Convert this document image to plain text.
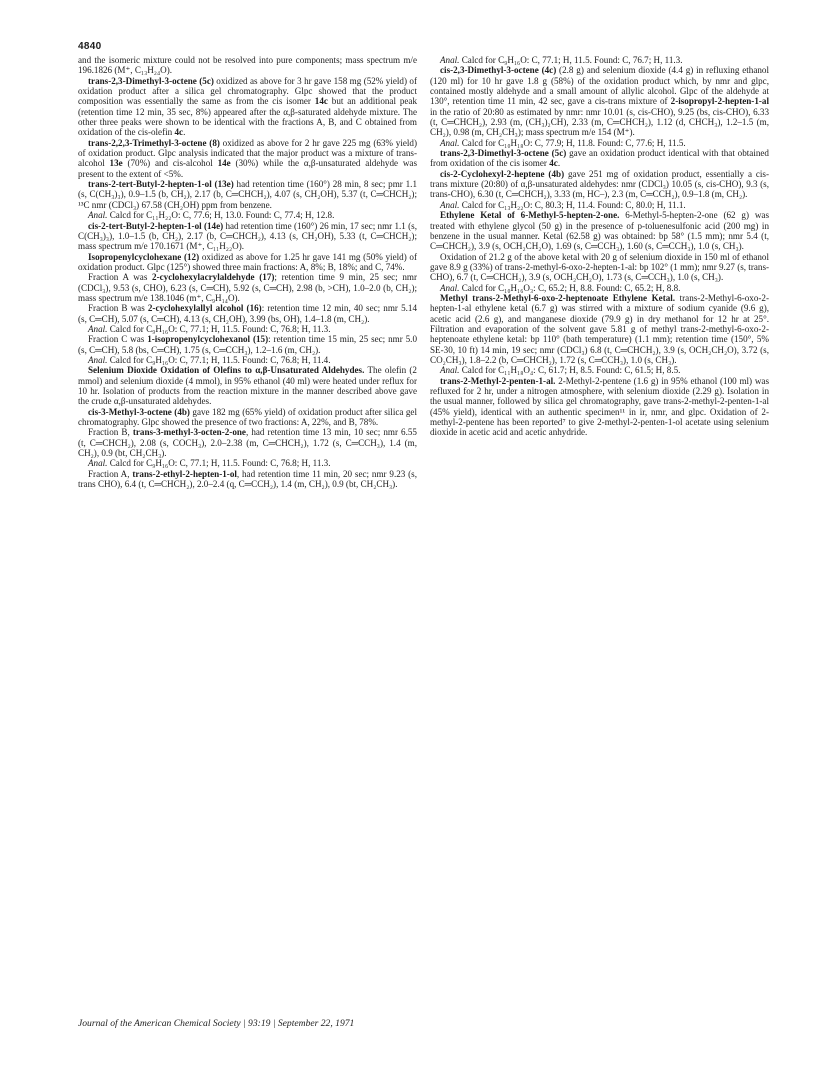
4840

and the isomeric mixture could not be resolved into pure components; mass spectrum m/e 196.1826 (M⁺, C₁₃H₂₄O).

trans-2,3-Dimethyl-3-octene (5c) oxidized as above for 3 hr gave 158 mg (52% yield) of oxidation product after a silica gel chromatography. Glpc showed that the product composition was essentially the same as from the cis isomer 14c but an additional peak (retention time 12 min, 35 sec, 8%) appeared after the α,β-saturated aldehyde mixture. The other three peaks were shown to be identical with the fractions A, B, and C obtained from oxidation of the cis-olefin 4c.

trans-2,2,3-Trimethyl-3-octene (8) oxidized as above for 2 hr gave 225 mg (63% yield) of oxidation product. Glpc analysis indicated that the major product was a mixture of trans-alcohol 13e (70%) and cis-alcohol 14e (30%) while the α,β-unsaturated aldehyde was present to the extent of <5%.

trans-2-tert-Butyl-2-hepten-1-ol (13e) had retention time (160°) 28 min, 8 sec; pmr 1.1 (s, C(CH₃)₃), 0.9–1.5 (b, CH₂), 2.17 (b, C═CHCH₂), 4.07 (s, CH₂OH), 5.37 (t, C═CHCH₂); ¹³C nmr (CDCl₃) 67.58 (CH₂OH) ppm from benzene.

Anal. Calcd for C₁₁H₂₂O: C, 77.6; H, 13.0. Found: C, 77.4; H, 12.8.

cis-2-tert-Butyl-2-hepten-1-ol (14e) had retention time (160°) 26 min, 17 sec; nmr 1.1 (s, C(CH₃)₃), 1.0–1.5 (b, CH₂), 2.17 (b, C═CHCH₂), 4.13 (s, CH₂OH), 5.33 (t, C═CHCH₂); mass spectrum m/e 170.1671 (M⁺, C₁₁H₂₂O).

Isopropenylcyclohexane (12) oxidized as above for 1.25 hr gave 141 mg (50% yield) of oxidation product. Glpc (125°) showed three main fractions: A, 8%; B, 18%; and C, 74%.

Fraction A was 2-cyclohexylacrylaldehyde (17); retention time 9 min, 25 sec; nmr (CDCl₃), 9.53 (s, CHO), 6.23 (s, C═CH), 5.92 (s, C═CH), 2.98 (b, >CH), 1.0–2.0 (b, CH₂); mass spectrum m/e 138.1046 (m⁺, C₉H₁₄O).

Fraction B was 2-cyclohexylallyl alcohol (16): retention time 12 min, 40 sec; nmr 5.14 (s, C═CH), 5.07 (s, C═CH), 4.13 (s, CH₂OH), 3.99 (bs, OH), 1.4–1.8 (m, CH₂).

Anal. Calcd for C₉H₁₆O: C, 77.1; H, 11.5. Found: C, 76.8; H, 11.3.

Fraction C was 1-isopropenylcyclohexanol (15): retention time 15 min, 25 sec; nmr 5.0 (s, C═CH), 5.8 (bs, C═CH), 1.75 (s, C═CCH₃), 1.2–1.6 (m, CH₂).

Anal. Calcd for C₉H₁₆O: C, 77.1; H, 11.5. Found: C, 76.8; H, 11.4.

Selenium Dioxide Oxidation of Olefins to α,β-Unsaturated Aldehydes. The olefin (2 mmol) and selenium dioxide (4 mmol), in 95% ethanol (40 ml) were heated under reflux for 10 hr. Isolation of products from the reaction mixture in the manner described above gave the crude α,β-unsaturated aldehydes.

cis-3-Methyl-3-octene (4b) gave 182 mg (65% yield) of oxidation product after silica gel chromatography. Glpc showed the presence of two fractions: A, 22%, and B, 78%.

Fraction B, trans-3-methyl-3-octen-2-one, had retention time 13 min, 10 sec; nmr 6.55 (t, C═CHCH₂), 2.08 (s, COCH₃), 2.0–2.38 (m, C═CHCH₂), 1.72 (s, C═CCH₃), 1.4 (m, CH₂), 0.9 (bt, CH₂CH₃).

Anal. Calcd for C₉H₁₆O: C, 77.1; H, 11.5. Found: C, 76.8; H, 11.3.

Fraction A, trans-2-ethyl-2-hepten-1-ol, had retention time 11 min, 20 sec; nmr 9.23 (s, trans CHO), 6.4 (t, C═CHCH₂), 2.0–2.4 (q, C═CCH₂), 1.4 (m, CH₂), 0.9 (bt, CH₂CH₃).

Anal. Calcd for C₉H₁₆O: C, 77.1; H, 11.5. Found: C, 76.7; H, 11.3.

cis-2,3-Dimethyl-3-octene (4c) (2.8 g) and selenium dioxide (4.4 g) in refluxing ethanol (120 ml) for 10 hr gave 1.8 g (58%) of the oxidation product which, by nmr and glpc, contained mostly aldehyde and a small amount of allylic alcohol. Glpc of the aldehyde at 130°, retention time 11 min, 42 sec, gave a cis-trans mixture of 2-isopropyl-2-hepten-1-al in the ratio of 20:80 as estimated by nmr: nmr 10.01 (s, cis-CHO), 9.25 (bs, cis-CHO), 6.33 (t, C═CHCH₂), 2.93 (m, (CH₃)₂CH), 2.33 (m, C═CHCH₂), 1.12 (d, CHCH₃), 1.2–1.5 (m, CH₂), 0.98 (m, CH₂CH₃); mass spectrum m/e 154 (M⁺).

Anal. Calcd for C₁₀H₁₈O: C, 77.9; H, 11.8. Found: C, 77.6; H, 11.5.

trans-2,3-Dimethyl-3-octene (5c) gave an oxidation product identical with that obtained from oxidation of the cis isomer 4c.

cis-2-Cyclohexyl-2-heptene (4b) gave 251 mg of oxidation product, essentially a cis-trans mixture (20:80) of α,β-unsaturated aldehydes: nmr (CDCl₃) 10.05 (s, cis-CHO), 9.3 (s, trans-CHO), 6.30 (t, C═CHCH₂), 3.33 (m, HC–), 2.3 (m, C═CCH₂), 0.9–1.8 (m, CH₂).

Anal. Calcd for C₁₃H₂₂O: C, 80.3; H, 11.4. Found: C, 80.0; H, 11.1.

Ethylene Ketal of 6-Methyl-5-hepten-2-one. 6-Methyl-5-hepten-2-one (62 g) was treated with ethylene glycol (50 g) in the presence of p-toluenesulfonic acid (200 mg) in benzene in the usual manner. Ketal (62.58 g) was obtained: bp 58° (1.5 mm); nmr 5.4 (t, C═CHCH₂), 3.9 (s, OCH₂CH₂O), 1.69 (s, C═CCH₃), 1.60 (s, C═CCH₃), 1.0 (s, CH₃).

Oxidation of 21.2 g of the above ketal with 20 g of selenium dioxide in 150 ml of ethanol gave 8.9 g (33%) of trans-2-methyl-6-oxo-2-hepten-1-al: bp 102° (1 mm); nmr 9.27 (s, trans-CHO), 6.7 (t, C═CHCH₂), 3.9 (s, OCH₂CH₂O), 1.73 (s, C═CCH₃), 1.0 (s, CH₃).

Anal. Calcd for C₁₀H₁₆O₃: C, 65.2; H, 8.8. Found: C, 65.2; H, 8.8.

Methyl trans-2-Methyl-6-oxo-2-heptenoate Ethylene Ketal. trans-2-Methyl-6-oxo-2-hepten-1-al ethylene ketal (6.7 g) was stirred with a mixture of sodium cyanide (9.6 g), acetic acid (2.6 g), and manganese dioxide (79.9 g) in dry methanol for 12 hr at 25°. Filtration and evaporation of the solvent gave 5.81 g of methyl trans-2-methyl-6-oxo-2-heptenoate ethylene ketal: bp 110° (bath temperature) (1.1 mm); retention time (150°, 5% SE-30, 10 ft) 14 min, 19 sec; nmr (CDCl₃) 6.8 (t, C═CHCH₂), 3.9 (s, OCH₂CH₂O), 3.72 (s, CO₂CH₃), 1.8–2.2 (b, C═CHCH₂), 1.72 (s, C═CCH₃), 1.0 (s, CH₃).

Anal. Calcd for C₁₁H₁₈O₄: C, 61.7; H, 8.5. Found: C, 61.5; H, 8.5.

trans-2-Methyl-2-penten-1-al. 2-Methyl-2-pentene (1.6 g) in 95% ethanol (100 ml) was refluxed for 2 hr, under a nitrogen atmosphere, with selenium dioxide (2.29 g). Isolation in the usual manner, followed by silica gel chromatography, gave trans-2-methyl-2-penten-1-al (45% yield), identical with an authentic specimen¹¹ in ir, nmr, and glpc. Oxidation of 2-methyl-2-pentene has been reported⁷ to give 2-methyl-2-penten-1-ol acetate using selenium dioxide in acetic acid and acetic anhydride.

Journal of the American Chemical Society | 93:19 | September 22, 1971
